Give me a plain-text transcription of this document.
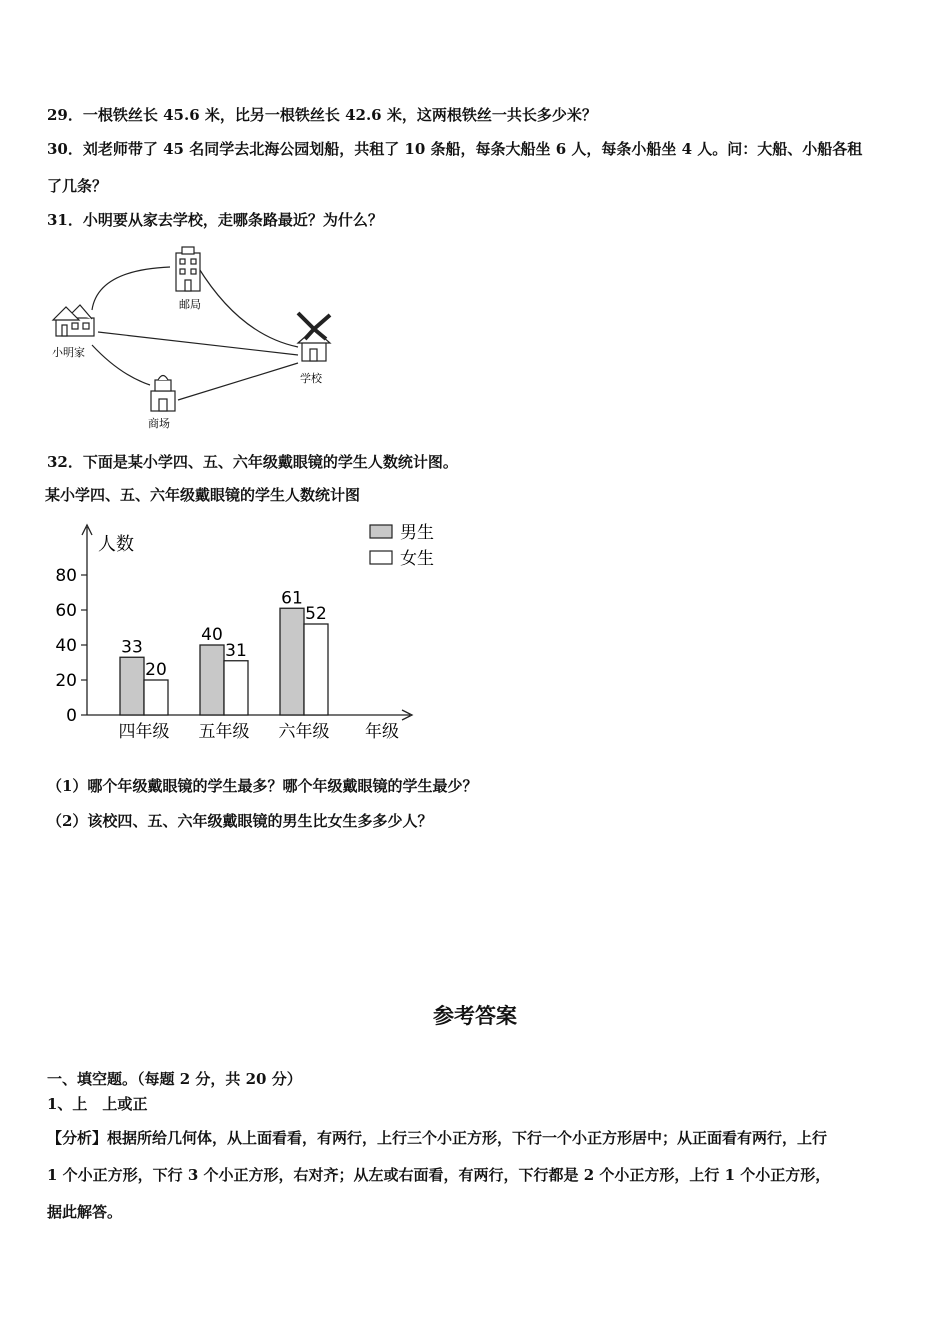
29．一根铁丝长 45.6 米，比另一根铁丝长 42.6 米，这两根铁丝一共长多少米？
30．刘老师带了 45 名同学去北海公园划船，共租了 10 条船，每条大船坐 6 人，每条小船坐 4 人。问：大船、小船各租
了几条？
31．小明要从家去学校，走哪条路最近？为什么？
小明家
邮局
学校
商场
32．下面是某小学四、五、六年级戴眼镜的学生人数统计图。
某小学四、五、六年级戴眼镜的学生人数统计图
人数
年级
0
20
40
60
80
33
20
四年级
40
31
五年级
61
52
六年级
男生
女生
（1）哪个年级戴眼镜的学生最多？哪个年级戴眼镜的学生最少？
（2）该校四、五、六年级戴眼镜的男生比女生多多少人？
参考答案
一、填空题。（每题 2 分，共 20 分）
1、上　上或正
【分析】根据所给几何体，从上面看看，有两行，上行三个小正方形，下行一个小正方形居中；从正面看有两行，上行
1 个小正方形，下行 3 个小正方形，右对齐；从左或右面看，有两行，下行都是 2 个小正方形，上行 1 个小正方形，
据此解答。
